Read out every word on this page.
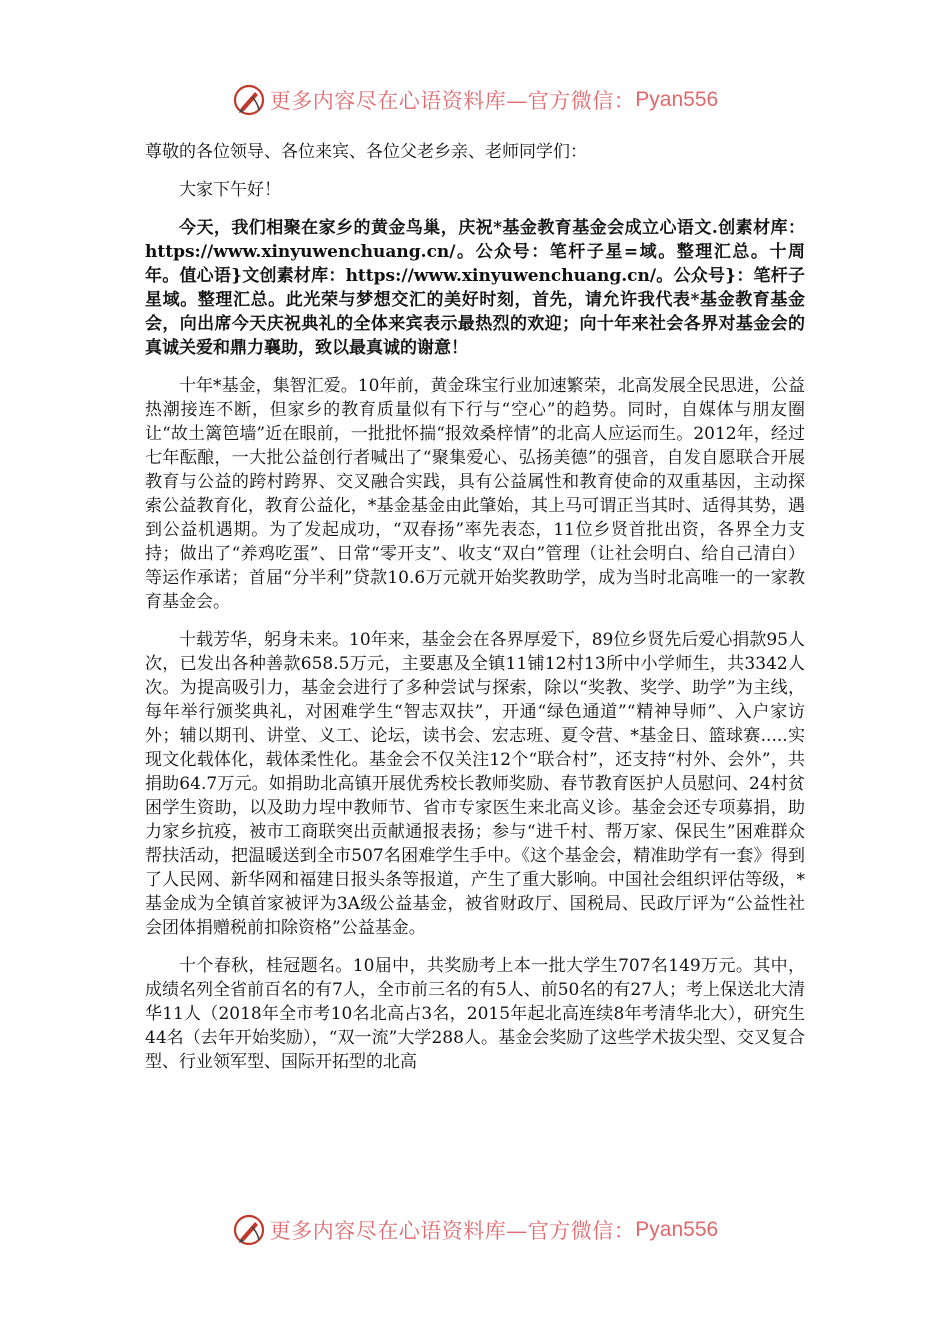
更多内容尽在心语资料库—官方微信： Pyan556

尊敬的各位领导、各位来宾、各位父老乡亲、老师同学们：

大家下午好！

今天，我们相聚在家乡的黄金鸟巢，庆祝*基金教育基金会成立心语文.创素材库：https://www.xinyuwenchuang.cn/。公众号：笔杆子星=域。整理汇总。十周年。值心语}文创素材库：https://www.xinyuwenchuang.cn/。公众号}：笔杆子星域。整理汇总。此光荣与梦想交汇的美好时刻，首先，请允许我代表*基金教育基金会，向出席今天庆祝典礼的全体来宾表示最热烈的欢迎；向十年来社会各界对基金会的真诚关爱和鼎力襄助，致以最真诚的谢意！

十年*基金，集智汇爱。10年前，黄金珠宝行业加速繁荣，北高发展全民思进，公益热潮接连不断，但家乡的教育质量似有下行与“空心”的趋势。同时，自媒体与朋友圈让“故土篱笆墙”近在眼前，一批批怀揣“报效桑梓情”的北高人应运而生。2012年，经过七年酝酿，一大批公益创行者喊出了“聚集爱心、弘扬美德”的强音，自发自愿联合开展教育与公益的跨村跨界、交叉融合实践，具有公益属性和教育使命的双重基因，主动探索公益教育化，教育公益化，*基金基金由此肇始，其上马可谓正当其时、适得其势，遇到公益机遇期。为了发起成功，“双春扬”率先表态，11位乡贤首批出资，各界全力支持；做出了“养鸡吃蛋”、日常“零开支”、收支“双白”管理（让社会明白、给自己清白）等运作承诺；首届“分半利”贷款10.6万元就开始奖教助学，成为当时北高唯一的一家教育基金会。

十载芳华，躬身未来。10年来，基金会在各界厚爱下，89位乡贤先后爱心捐款95人次，已发出各种善款658.5万元，主要惠及全镇11铺12村13所中小学师生，共3342人次。为提高吸引力，基金会进行了多种尝试与探索，除以“奖教、奖学、助学”为主线，每年举行颁奖典礼，对困难学生“智志双扶”，开通“绿色通道”“精神导师”、入户家访外；辅以期刊、讲堂、义工、论坛，读书会、宏志班、夏令营、*基金日、篮球赛.....实现文化载体化，载体柔性化。基金会不仅关注12个“联合村”，还支持“村外、会外”，共捐助64.7万元。如捐助北高镇开展优秀校长教师奖励、春节教育医护人员慰问、24村贫困学生资助，以及助力埕中教师节、省市专家医生来北高义诊。基金会还专项募捐，助力家乡抗疫，被市工商联突出贡献通报表扬；参与“进千村、帮万家、保民生”困难群众帮扶活动，把温暖送到全市507名困难学生手中。《这个基金会，精准助学有一套》得到了人民网、新华网和福建日报头条等报道，产生了重大影响。中国社会组织评估等级，*基金成为全镇首家被评为3A级公益基金，被省财政厅、国税局、民政厅评为“公益性社会团体捐赠税前扣除资格”公益基金。

十个春秋，桂冠题名。10届中，共奖励考上本一批大学生707名149万元。其中，成绩名列全省前百名的有7人，全市前三名的有5人、前50名的有27人；考上保送北大清华11人（2018年全市考10名北高占3名，2015年起北高连续8年考清华北大），研究生44名（去年开始奖励），“双一流”大学288人。基金会奖励了这些学术拔尖型、交叉复合型、行业领军型、国际开拓型的北高

更多内容尽在心语资料库—官方微信： Pyan556
